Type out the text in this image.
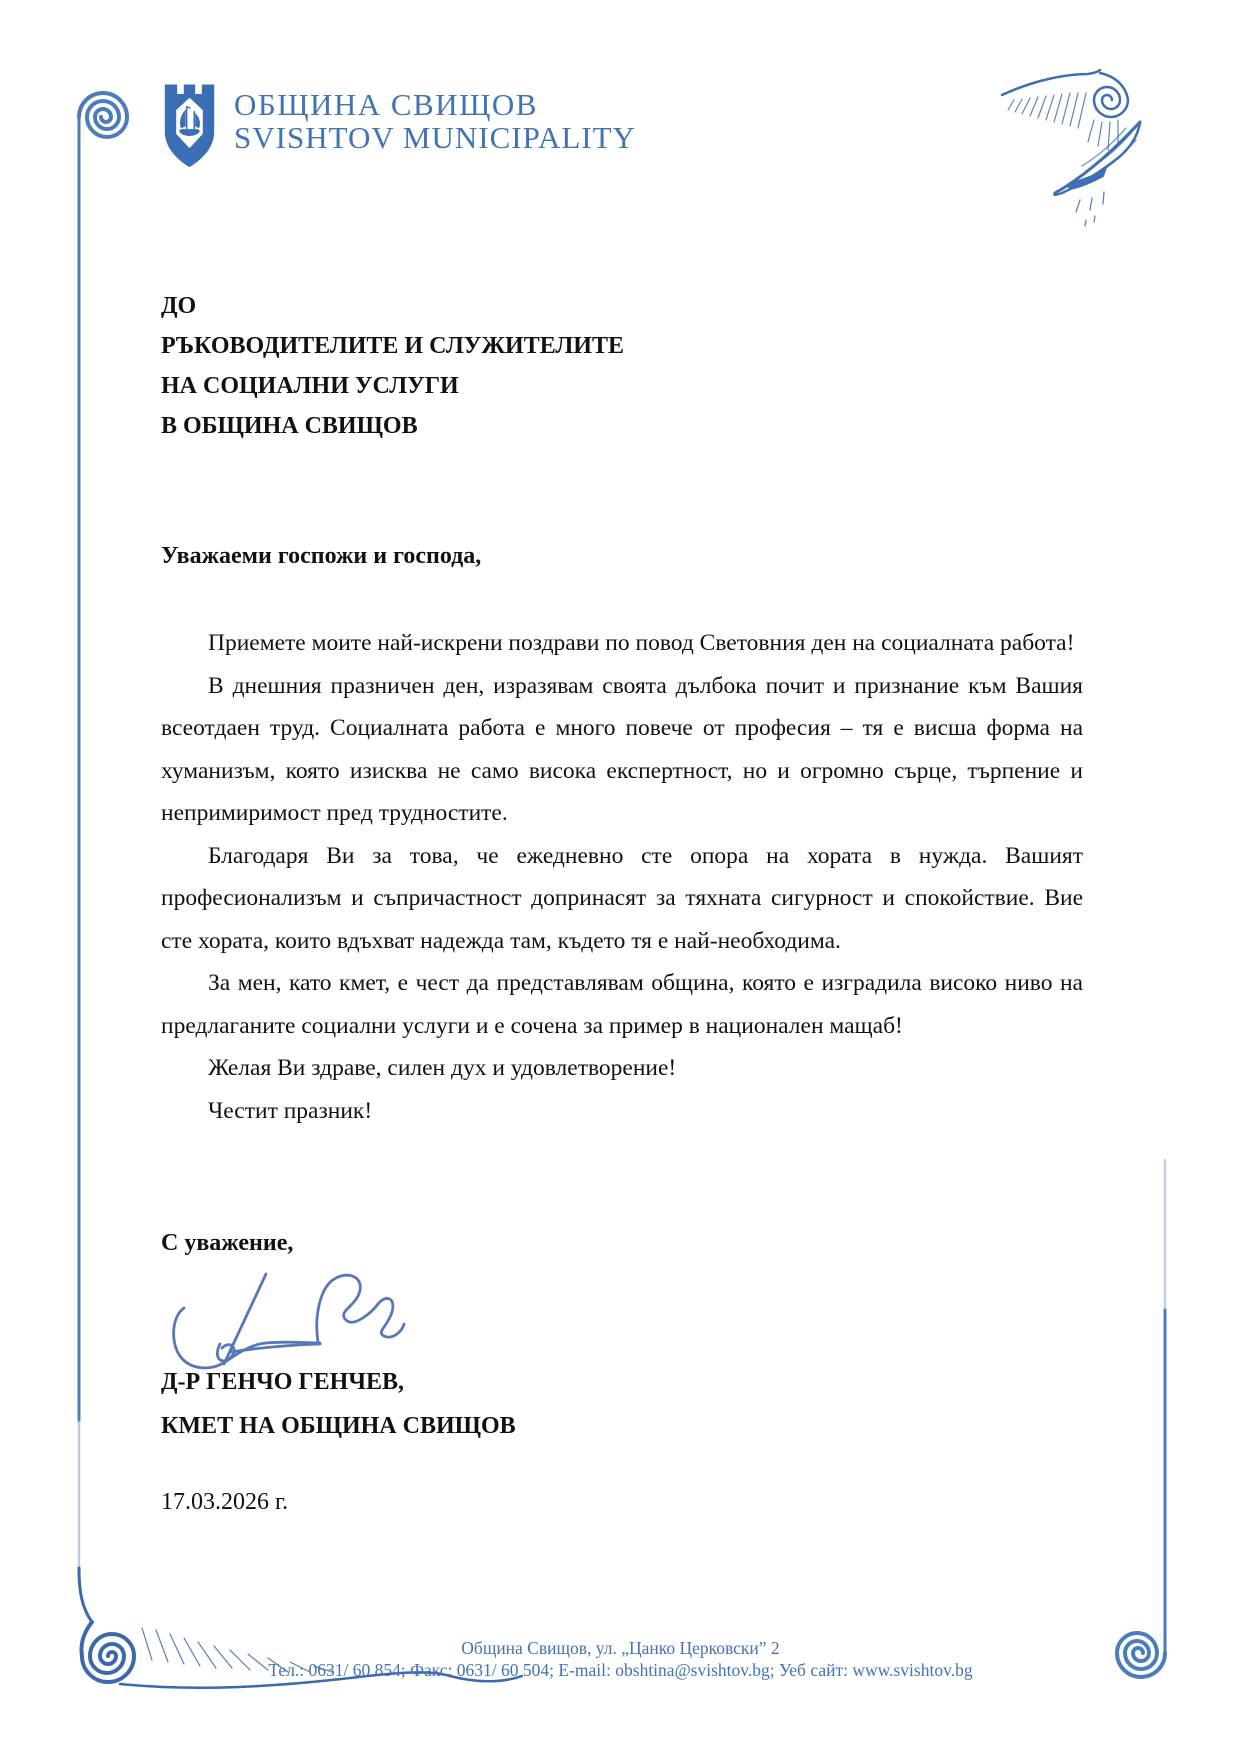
ОБЩИНА СВИЩОВ
SVISHTOV MUNICIPALITY
ДО
РЪКОВОДИТЕЛИТЕ И СЛУЖИТЕЛИТЕ
НА СОЦИАЛНИ УСЛУГИ
В ОБЩИНА СВИЩОВ
Уважаеми госпожи и господа,

Приемете моите най-искрени поздрави по повод Световния ден на социалната работа!

В днешния празничен ден, изразявам своята дълбока почит и признание към Вашия всеотдаен труд. Социалната работа е много повече от професия – тя е висша форма на хуманизъм, която изисква не само висока експертност, но и огромно сърце, търпение и непримиримост пред трудностите.

Благодаря Ви за това, че ежедневно сте опора на хората в нужда. Вашият професионализъм и съпричастност допринасят за тяхната сигурност и спокойствие. Вие сте хората, които вдъхват надежда там, където тя е най-необходима.

За мен, като кмет, е чест да представлявам община, която е изградила високо ниво на предлаганите социални услуги и е сочена за пример в национален мащаб!

Желая Ви здраве, силен дух и удовлетворение!

Честит празник!

С уважение,
Д-Р ГЕНЧО ГЕНЧЕВ,
КМЕТ НА ОБЩИНА СВИЩОВ
17.03.2026 г.
Община Свищов, ул. „Цанко Церковски” 2
Тел.: 0631/ 60 854; Факс: 0631/ 60 504; E-mail: obshtina@svishtov.bg; Уеб сайт: www.svishtov.bg
